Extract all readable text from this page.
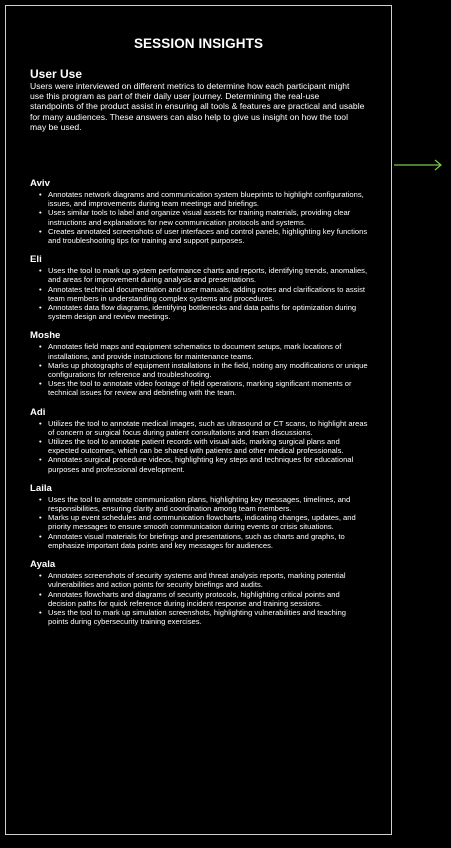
SESSION INSIGHTS

User Use

Users were interviewed on different metrics to determine how each participant might use this program as part of their daily user journey. Determining the real-use standpoints of the product assist in ensuring all tools & features are practical and usable for many audiences. These answers can also help to give us insight on how the tool may be used.

Aviv
• Annotates network diagrams and communication system blueprints to highlight configurations, issues, and improvements during team meetings and briefings.
• Uses similar tools to label and organize visual assets for training materials, providing clear instructions and explanations for new communication protocols and systems.
• Creates annotated screenshots of user interfaces and control panels, highlighting key functions and troubleshooting tips for training and support purposes.
Eli
• Uses the tool to mark up system performance charts and reports, identifying trends, anomalies, and areas for improvement during analysis and presentations.
• Annotates technical documentation and user manuals, adding notes and clarifications to assist team members in understanding complex systems and procedures.
• Annotates data flow diagrams, identifying bottlenecks and data paths for optimization during system design and review meetings.
Moshe
• Annotates field maps and equipment schematics to document setups, mark locations of installations, and provide instructions for maintenance teams.
• Marks up photographs of equipment installations in the field, noting any modifications or unique configurations for reference and troubleshooting.
• Uses the tool to annotate video footage of field operations, marking significant moments or technical issues for review and debriefing with the team.
Adi
• Utilizes the tool to annotate medical images, such as ultrasound or CT scans, to highlight areas of concern or surgical focus during patient consultations and team discussions.
• Utilizes the tool to annotate patient records with visual aids, marking surgical plans and expected outcomes, which can be shared with patients and other medical professionals.
• Annotates surgical procedure videos, highlighting key steps and techniques for educational purposes and professional development.
Laila
• Uses the tool to annotate communication plans, highlighting key messages, timelines, and responsibilities, ensuring clarity and coordination among team members.
• Marks up event schedules and communication flowcharts, indicating changes, updates, and priority messages to ensure smooth communication during events or crisis situations.
• Annotates visual materials for briefings and presentations, such as charts and graphs, to emphasize important data points and key messages for audiences.
Ayala
• Annotates screenshots of security systems and threat analysis reports, marking potential vulnerabilities and action points for security briefings and audits.
• Annotates flowcharts and diagrams of security protocols, highlighting critical points and decision paths for quick reference during incident response and training sessions.
• Uses the tool to mark up simulation screenshots, highlighting vulnerabilities and teaching points during cybersecurity training exercises.
